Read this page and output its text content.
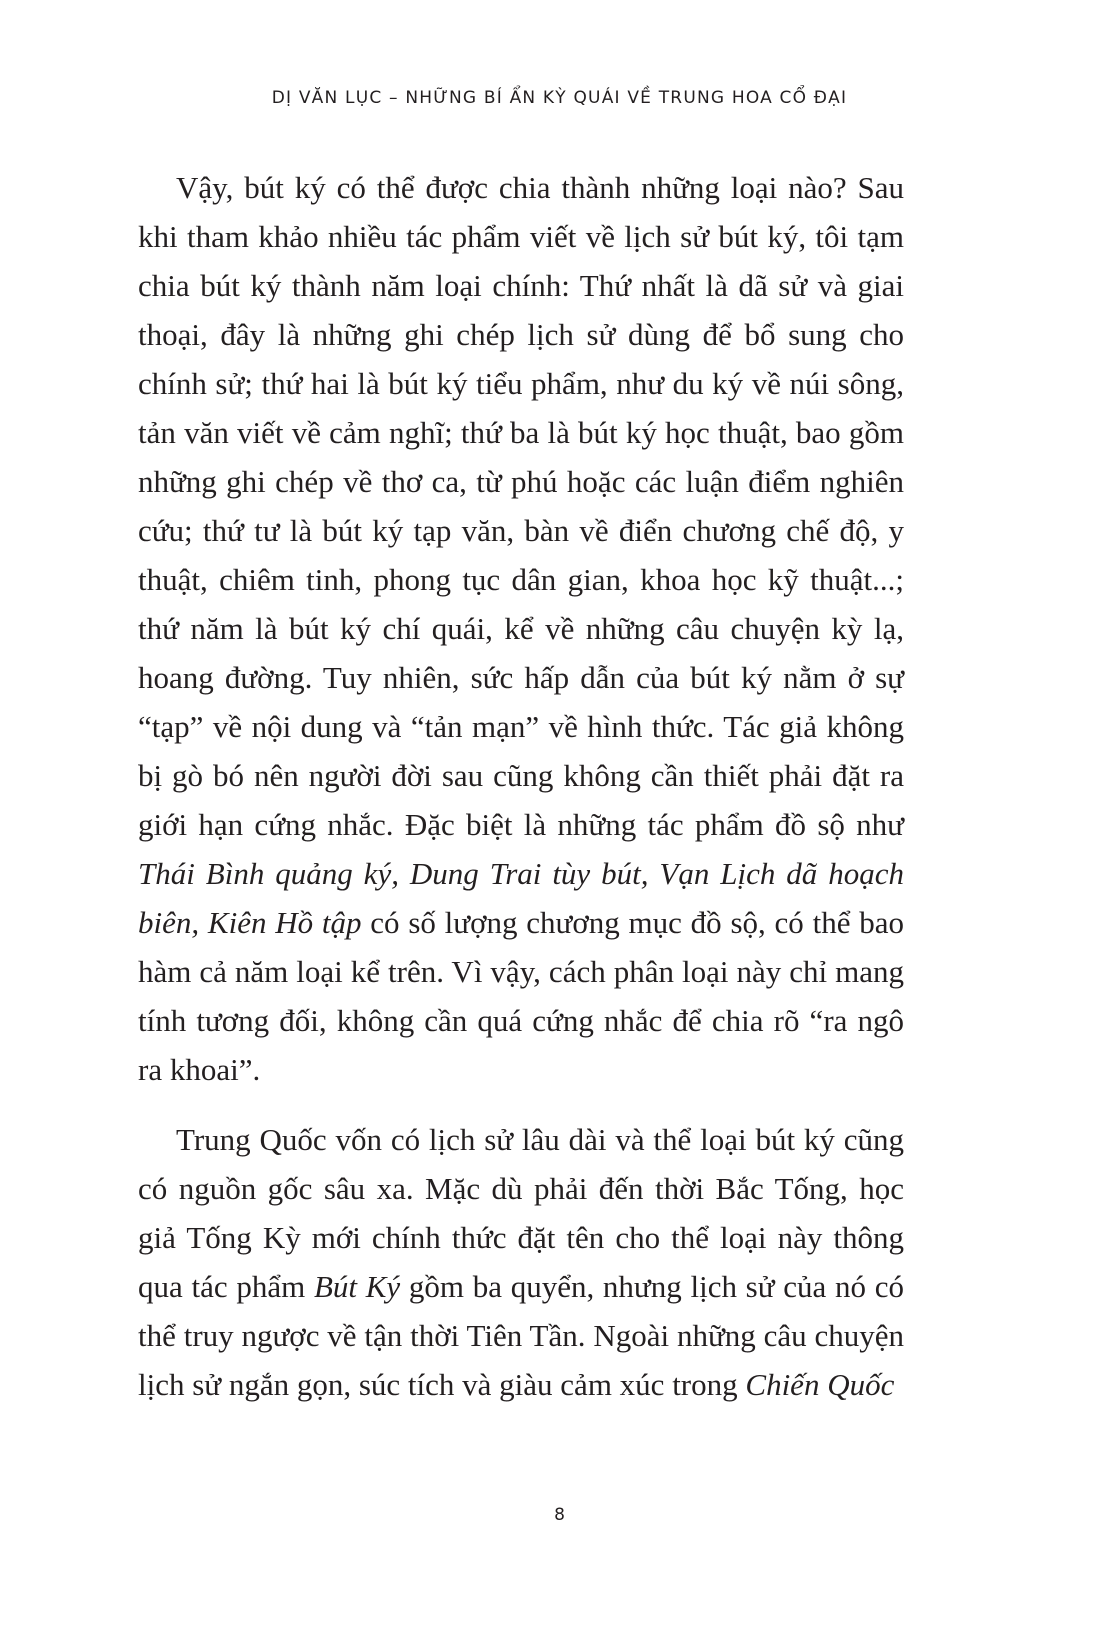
DỊ VĂN LỤC – NHỮNG BÍ ẨN KỲ QUÁI VỀ TRUNG HOA CỔ ĐẠI

Vậy, bút ký có thể được chia thành những loại nào? Sau khi tham khảo nhiều tác phẩm viết về lịch sử bút ký, tôi tạm chia bút ký thành năm loại chính: Thứ nhất là dã sử và giai thoại, đây là những ghi chép lịch sử dùng để bổ sung cho chính sử; thứ hai là bút ký tiểu phẩm, như du ký về núi sông, tản văn viết về cảm nghĩ; thứ ba là bút ký học thuật, bao gồm những ghi chép về thơ ca, từ phú hoặc các luận điểm nghiên cứu; thứ tư là bút ký tạp văn, bàn về điển chương chế độ, y thuật, chiêm tinh, phong tục dân gian, khoa học kỹ thuật...; thứ năm là bút ký chí quái, kể về những câu chuyện kỳ lạ, hoang đường. Tuy nhiên, sức hấp dẫn của bút ký nằm ở sự “tạp” về nội dung và “tản mạn” về hình thức. Tác giả không bị gò bó nên người đời sau cũng không cần thiết phải đặt ra giới hạn cứng nhắc. Đặc biệt là những tác phẩm đồ sộ như Thái Bình quảng ký, Dung Trai tùy bút, Vạn Lịch dã hoạch biên, Kiên Hồ tập có số lượng chương mục đồ sộ, có thể bao hàm cả năm loại kể trên. Vì vậy, cách phân loại này chỉ mang tính tương đối, không cần quá cứng nhắc để chia rõ “ra ngô ra khoai”.

Trung Quốc vốn có lịch sử lâu dài và thể loại bút ký cũng có nguồn gốc sâu xa. Mặc dù phải đến thời Bắc Tống, học giả Tống Kỳ mới chính thức đặt tên cho thể loại này thông qua tác phẩm Bút Ký gồm ba quyển, nhưng lịch sử của nó có thể truy ngược về tận thời Tiên Tần. Ngoài những câu chuyện lịch sử ngắn gọn, súc tích và giàu cảm xúc trong Chiến Quốc

8
